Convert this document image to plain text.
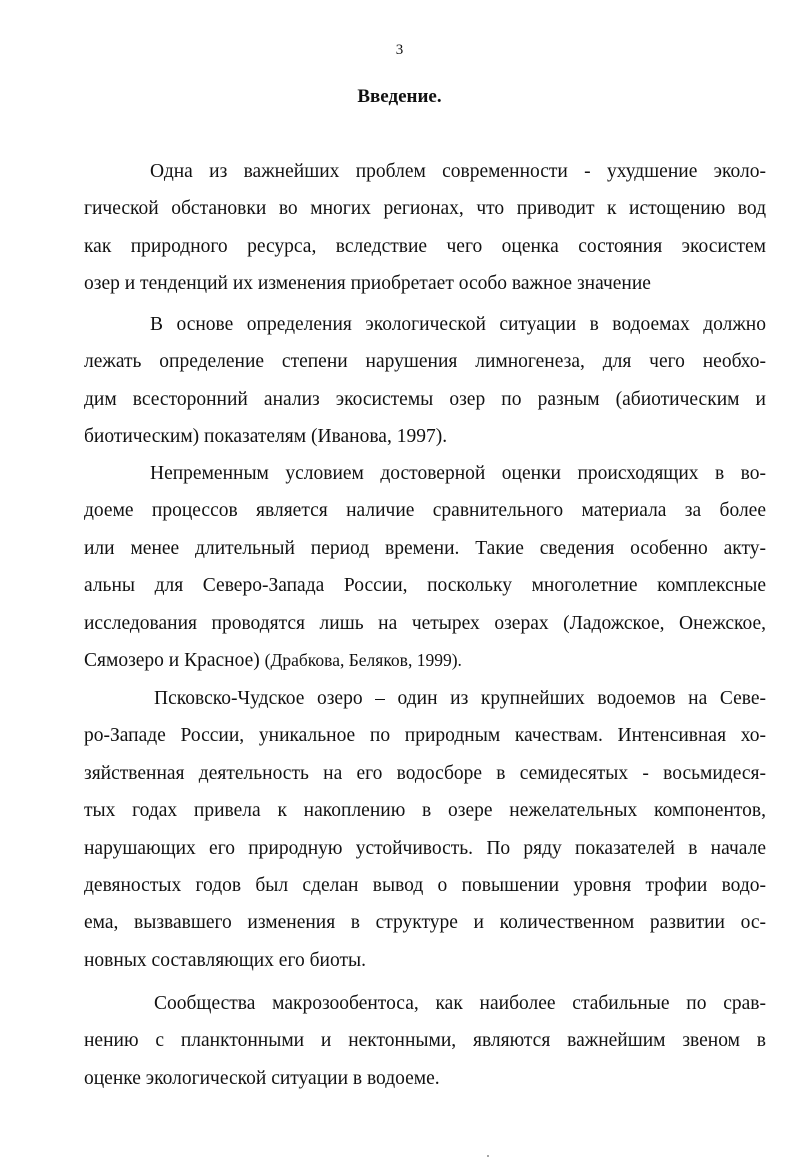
3
Введение.
Одна из важнейших проблем современности - ухудшение эколо-
гической обстановки во многих регионах, что приводит к истощению вод
как природного ресурса, вследствие чего оценка состояния экосистем
озер и тенденций их изменения приобретает особо важное значение
В основе определения экологической ситуации в водоемах должно
лежать определение степени нарушения лимногенеза, для чего необхо-
дим всесторонний анализ экосистемы озер по разным (абиотическим и
биотическим) показателям (Иванова, 1997).
Непременным условием достоверной оценки происходящих в во-
доеме процессов является наличие сравнительного материала за более
или менее длительный период времени. Такие сведения особенно акту-
альны для Северо-Запада России, поскольку многолетние комплексные
исследования проводятся лишь на четырех озерах (Ладожское, Онежское,
Сямозеро и Красное) (Драбкова, Беляков, 1999).
Псковско-Чудское озеро – один из крупнейших водоемов на Севе-
ро-Западе России, уникальное по природным качествам. Интенсивная хо-
зяйственная деятельность на его водосборе в семидесятых - восьмидеся-
тых годах привела к накоплению в озере нежелательных компонентов,
нарушающих его природную устойчивость. По ряду показателей в начале
девяностых годов был сделан вывод о повышении уровня трофии водо-
ема, вызвавшего изменения в структуре и количественном развитии ос-
новных составляющих его биоты.
Сообщества макрозообентоса, как наиболее стабильные по срав-
нению с планктонными и нектонными, являются важнейшим звеном в
оценке экологической ситуации в водоеме.
